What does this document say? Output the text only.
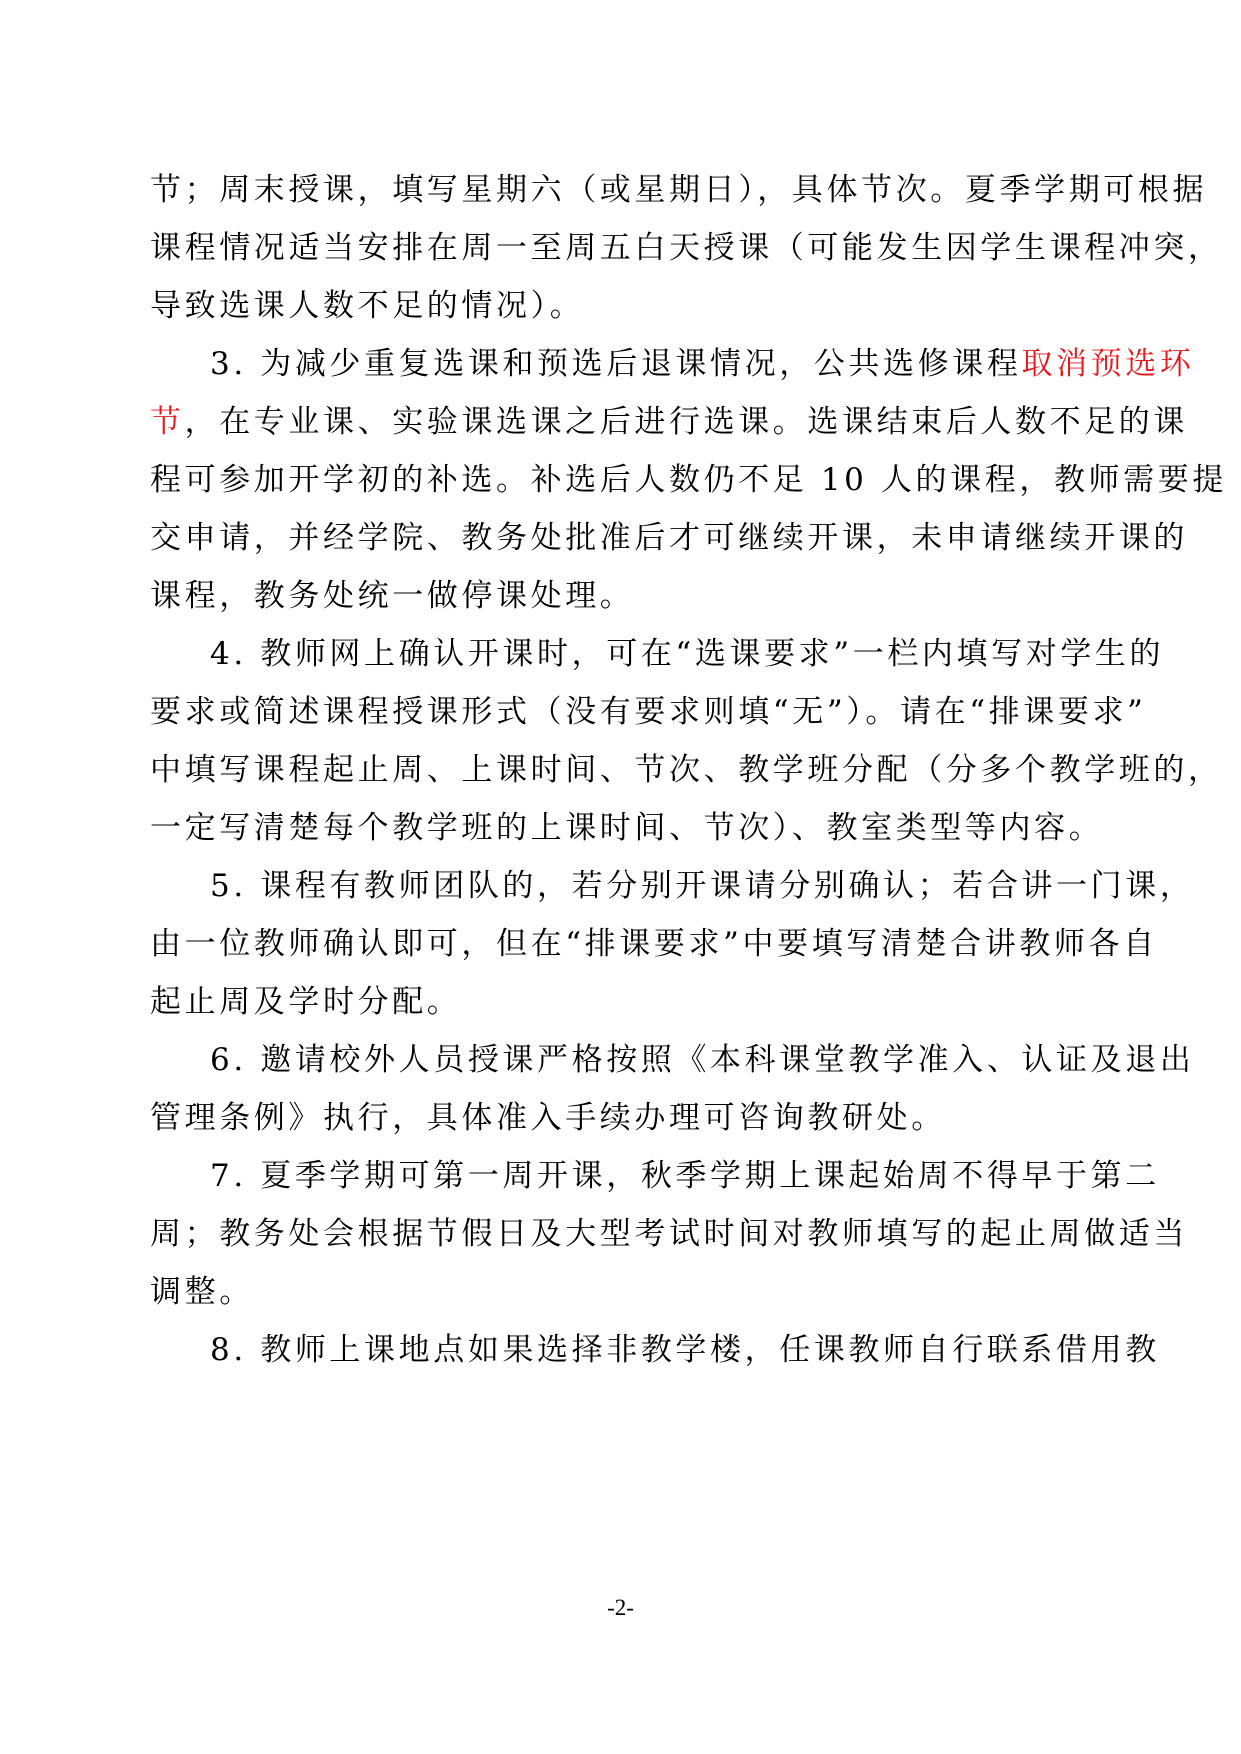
节；周末授课，填写星期六（或星期日），具体节次。夏季学期可根据
课程情况适当安排在周一至周五白天授课（可能发生因学生课程冲突，
导致选课人数不足的情况）。
3. 为减少重复选课和预选后退课情况，公共选修课程取消预选环
节，在专业课、实验课选课之后进行选课。选课结束后人数不足的课
程可参加开学初的补选。补选后人数仍不足 10 人的课程，教师需要提
交申请，并经学院、教务处批准后才可继续开课，未申请继续开课的
课程，教务处统一做停课处理。
4. 教师网上确认开课时，可在“选课要求”一栏内填写对学生的
要求或简述课程授课形式（没有要求则填“无”）。请在“排课要求”
中填写课程起止周、上课时间、节次、教学班分配（分多个教学班的，
一定写清楚每个教学班的上课时间、节次）、教室类型等内容。
5. 课程有教师团队的，若分别开课请分别确认；若合讲一门课，
由一位教师确认即可，但在“排课要求”中要填写清楚合讲教师各自
起止周及学时分配。
6. 邀请校外人员授课严格按照《本科课堂教学准入、认证及退出
管理条例》执行，具体准入手续办理可咨询教研处。
7. 夏季学期可第一周开课，秋季学期上课起始周不得早于第二
周；教务处会根据节假日及大型考试时间对教师填写的起止周做适当
调整。
8. 教师上课地点如果选择非教学楼，任课教师自行联系借用教
-2-
